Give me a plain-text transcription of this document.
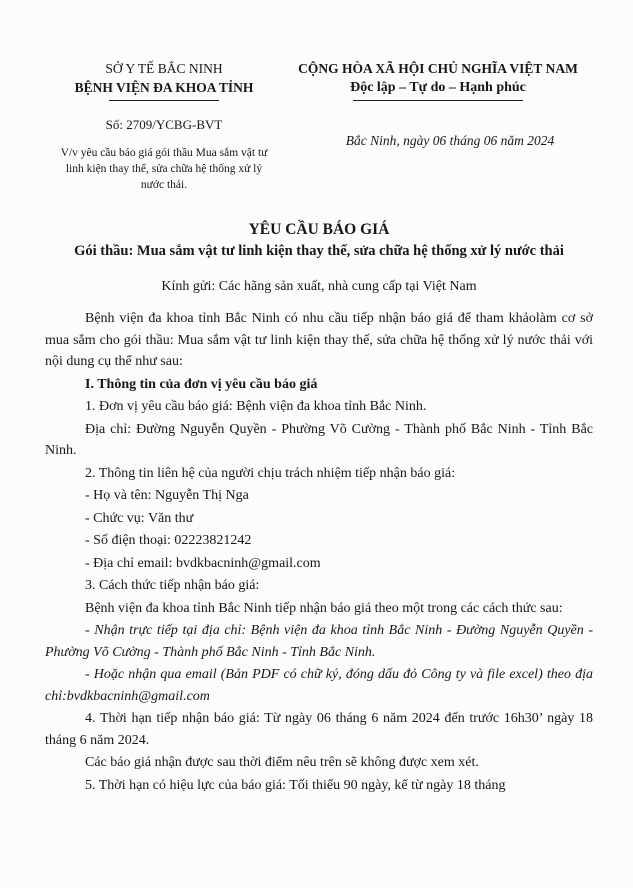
SỞ Y TẾ BẮC NINH
BỆNH VIỆN ĐA KHOA TỈNH
Số: 2709/YCBG-BVT
V/v yêu cầu báo giá gói thầu Mua sắm vật tư linh kiện thay thế, sửa chữa hệ thống xử lý nước thải.
CỘNG HÒA XÃ HỘI CHỦ NGHĨA VIỆT NAM
Độc lập – Tự do – Hạnh phúc
Bắc Ninh, ngày 06 tháng 06 năm 2024
YÊU CẦU BÁO GIÁ
Gói thầu: Mua sắm vật tư linh kiện thay thế, sửa chữa hệ thống xử lý nước thải
Kính gửi: Các hãng sản xuất, nhà cung cấp tại Việt Nam

Bệnh viện đa khoa tỉnh Bắc Ninh có nhu cầu tiếp nhận báo giá để tham khảolàm cơ sở mua sắm cho gói thầu: Mua sắm vật tư linh kiện thay thế, sửa chữa hệ thống xử lý nước thải với nội dung cụ thể như sau:

I. Thông tin của đơn vị yêu cầu báo giá

1. Đơn vị yêu cầu báo giá: Bệnh viện đa khoa tỉnh Bắc Ninh.

Địa chỉ: Đường Nguyễn Quyền - Phường Võ Cường - Thành phố Bắc Ninh - Tỉnh Bắc Ninh.

2. Thông tin liên hệ của người chịu trách nhiệm tiếp nhận báo giá:

- Họ và tên: Nguyễn Thị Nga

- Chức vụ: Văn thư

- Số điện thoại: 02223821242

- Địa chỉ email: bvdkbacninh@gmail.com

3. Cách thức tiếp nhận báo giá:

Bệnh viện đa khoa tỉnh Bắc Ninh tiếp nhận báo giá theo một trong các cách thức sau:

- Nhận trực tiếp tại địa chỉ: Bệnh viện đa khoa tỉnh Bắc Ninh - Đường Nguyễn Quyền - Phường Võ Cường - Thành phố Bắc Ninh - Tỉnh Bắc Ninh.

- Hoặc nhận qua email (Bản PDF có chữ ký, đóng dấu đỏ Công ty và file excel) theo địa chỉ:bvdkbacninh@gmail.com

4. Thời hạn tiếp nhận báo giá: Từ ngày 06 tháng 6 năm 2024 đến trước 16h30’ ngày 18 tháng 6 năm 2024.

Các báo giá nhận được sau thời điểm nêu trên sẽ không được xem xét.

5. Thời hạn có hiệu lực của báo giá: Tối thiểu 90 ngày, kể từ ngày 18 tháng
